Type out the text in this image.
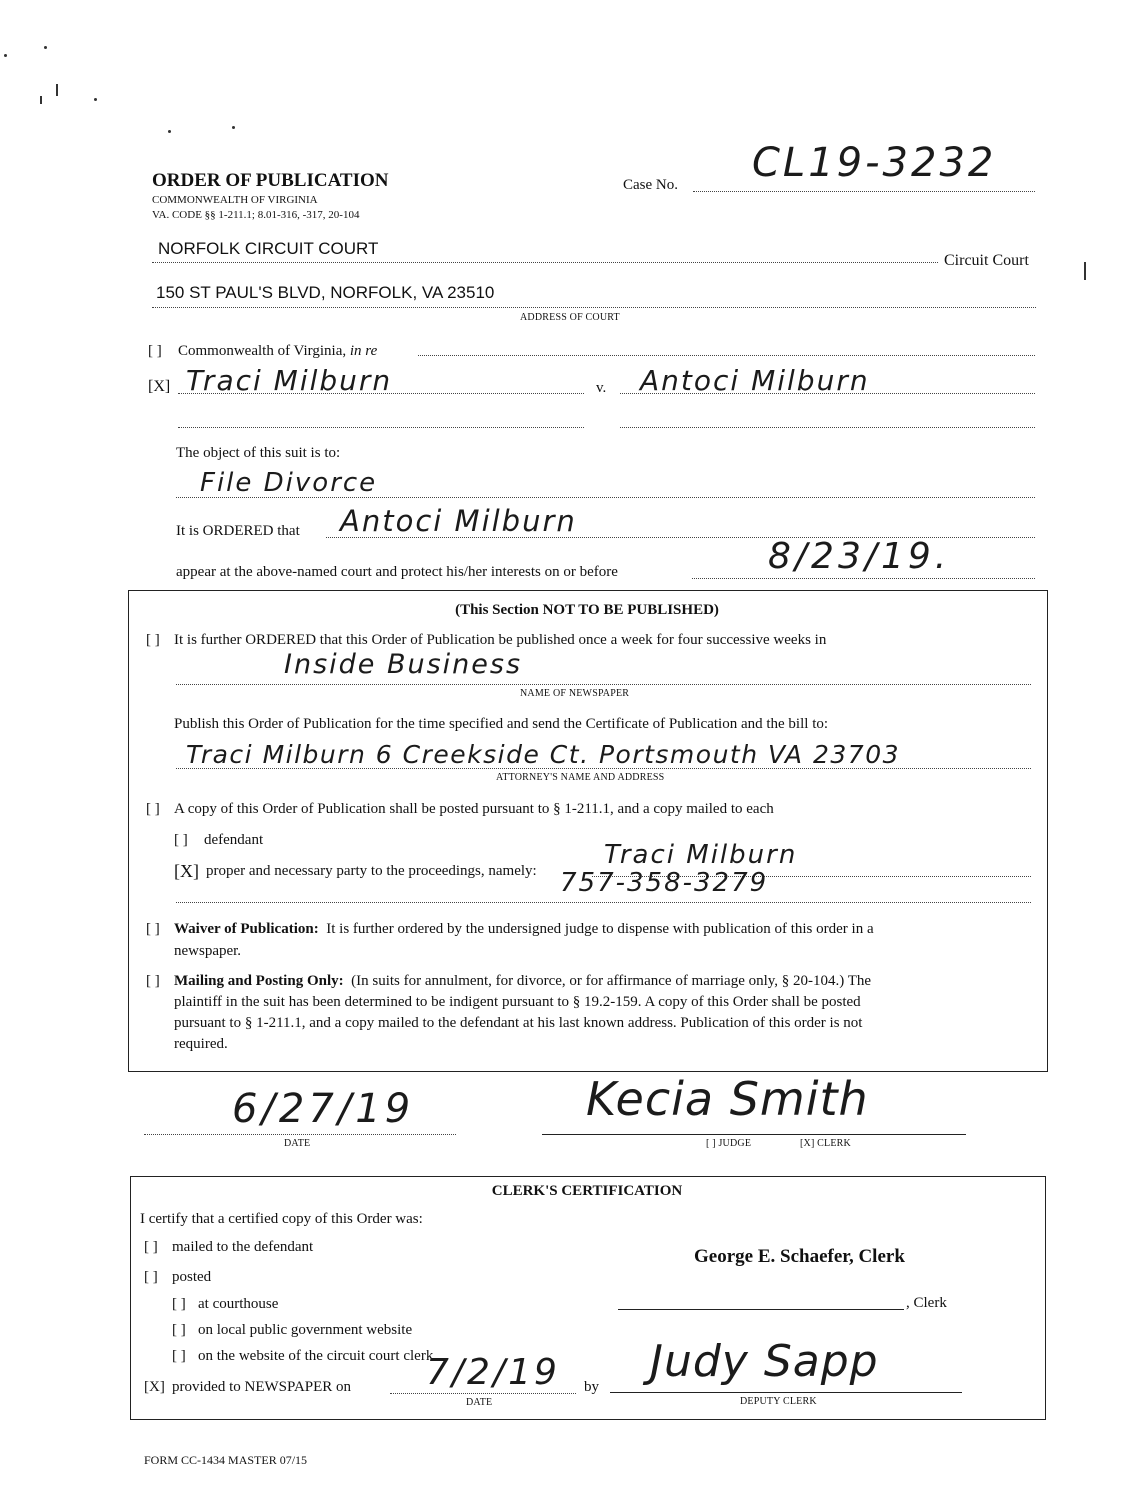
ORDER OF PUBLICATION
COMMONWEALTH OF VIRGINIA
VA. CODE §§ 1-211.1; 8.01-316, -317, 20-104
Case No. CL19-3232
NORFOLK CIRCUIT COURT
Circuit Court
150 ST PAUL'S BLVD, NORFOLK, VA 23510
ADDRESS OF COURT
[ ] Commonwealth of Virginia, in re
[X] Traci Milburn	v. Antoci Milburn
The object of this suit is to:
File Divorce
It is ORDERED that Antoci Milburn
appear at the above-named court and protect his/her interests on or before	8/23/19.
(This Section NOT TO BE PUBLISHED)
[ ] It is further ORDERED that this Order of Publication be published once a week for four successive weeks in
Inside Business
NAME OF NEWSPAPER
Publish this Order of Publication for the time specified and send the Certificate of Publication and the bill to:
Traci Milburn 6 Creekside Ct. Portsmouth VA 23703
ATTORNEY'S NAME AND ADDRESS
[ ] A copy of this Order of Publication shall be posted pursuant to § 1-211.1, and a copy mailed to each
[ ] defendant
[X] proper and necessary party to the proceedings, namely:
Traci Milburn
757-358-3279
[ ] Waiver of Publication: It is further ordered by the undersigned judge to dispense with publication of this order in a
newspaper.
[ ] Mailing and Posting Only: (In suits for annulment, for divorce, or for affirmance of marriage only, § 20-104.) The
plaintiff in the suit has been determined to be indigent pursuant to § 19.2-159. A copy of this Order shall be posted
pursuant to § 1-211.1, and a copy mailed to the defendant at his last known address. Publication of this order is not
required.
6/27/19
DATE
Kecia Smith
[ ] JUDGE	[X] CLERK
CLERK'S CERTIFICATION
I certify that a certified copy of this Order was:
[ ] mailed to the defendant
[ ] posted
[ ] at courthouse
[ ] on local public government website
[ ] on the website of the circuit court clerk
[X] provided to NEWSPAPER on 7/2/19
DATE
by
George E. Schaefer, Clerk
, Clerk
Judy Sapp
DEPUTY CLERK
FORM CC-1434 MASTER 07/15
